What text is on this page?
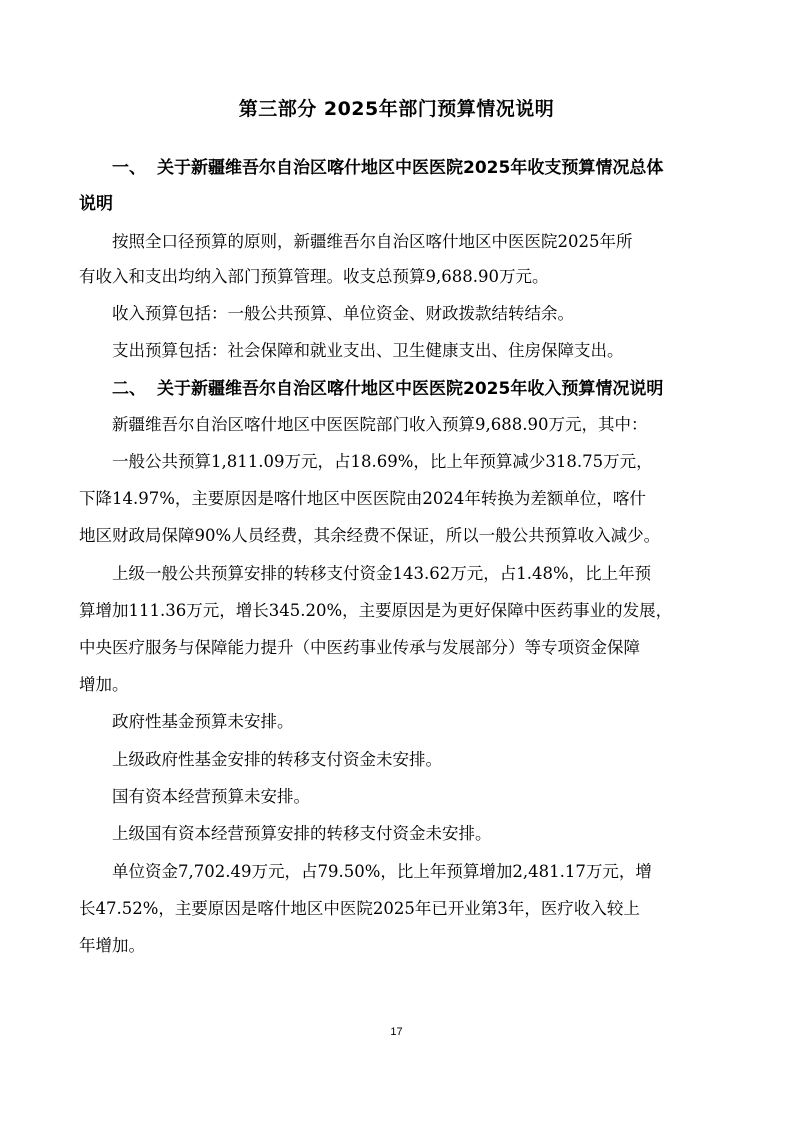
第三部分 2025年部门预算情况说明
一、 关于新疆维吾尔自治区喀什地区中医医院2025年收支预算情况总体
说明
按照全口径预算的原则，新疆维吾尔自治区喀什地区中医医院2025年所
有收入和支出均纳入部门预算管理。收支总预算9,688.90万元。
收入预算包括：一般公共预算、单位资金、财政拨款结转结余。
支出预算包括：社会保障和就业支出、卫生健康支出、住房保障支出。
二、 关于新疆维吾尔自治区喀什地区中医医院2025年收入预算情况说明
新疆维吾尔自治区喀什地区中医医院部门收入预算9,688.90万元，其中：
一般公共预算1,811.09万元，占18.69%，比上年预算减少318.75万元，
下降14.97%，主要原因是喀什地区中医医院由2024年转换为差额单位，喀什
地区财政局保障90%人员经费，其余经费不保证，所以一般公共预算收入减少。
上级一般公共预算安排的转移支付资金143.62万元，占1.48%，比上年预
算增加111.36万元，增长345.20%，主要原因是为更好保障中医药事业的发展，
中央医疗服务与保障能力提升（中医药事业传承与发展部分）等专项资金保障
增加。
政府性基金预算未安排。
上级政府性基金安排的转移支付资金未安排。
国有资本经营预算未安排。
上级国有资本经营预算安排的转移支付资金未安排。
单位资金7,702.49万元，占79.50%，比上年预算增加2,481.17万元，增
长47.52%，主要原因是喀什地区中医院2025年已开业第3年，医疗收入较上
年增加。
17
